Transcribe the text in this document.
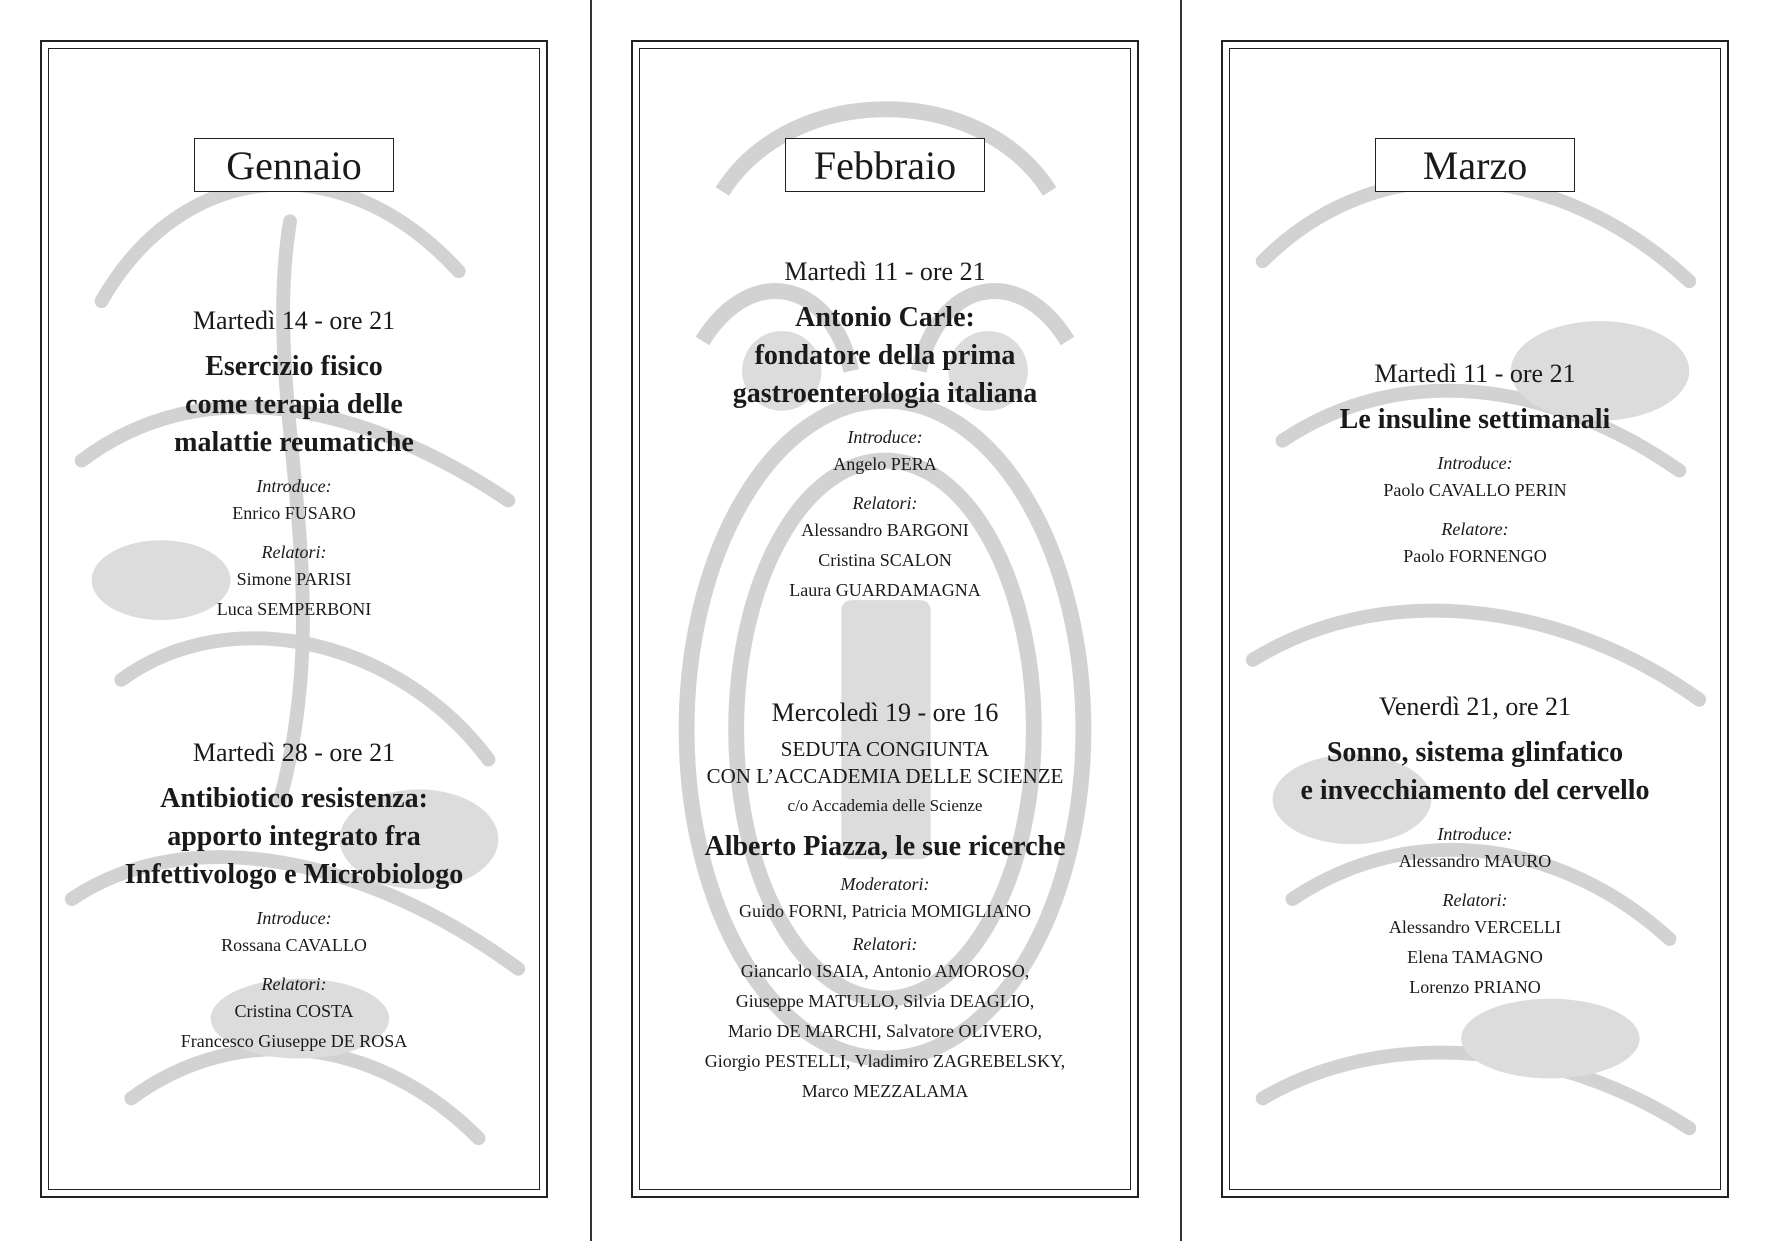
Gennaio
Martedì 14 - ore 21
Esercizio fisico
come terapia delle
malattie reumatiche
Introduce:
Enrico FUSARO
Relatori:
Simone PARISI
Luca SEMPERBONI
Martedì 28 - ore 21
Antibiotico resistenza:
apporto integrato fra
Infettivologo e Microbiologo
Introduce:
Rossana CAVALLO
Relatori:
Cristina COSTA
Francesco Giuseppe DE ROSA
Febbraio
Martedì 11 - ore 21
Antonio Carle:
fondatore della prima
gastroenterologia italiana
Introduce:
Angelo PERA
Relatori:
Alessandro BARGONI
Cristina SCALON
Laura GUARDAMAGNA
Mercoledì 19 - ore 16
SEDUTA CONGIUNTA
CON L’ACCADEMIA DELLE SCIENZE
c/o Accademia delle Scienze
Alberto Piazza, le sue ricerche
Moderatori:
Guido FORNI, Patricia MOMIGLIANO
Relatori:
Giancarlo ISAIA, Antonio AMOROSO,
Giuseppe MATULLO, Silvia DEAGLIO,
Mario DE MARCHI, Salvatore OLIVERO,
Giorgio PESTELLI, Vladimiro ZAGREBELSKY,
Marco MEZZALAMA
Marzo
Martedì 11 - ore 21
Le insuline settimanali
Introduce:
Paolo CAVALLO PERIN
Relatore:
Paolo FORNENGO
Venerdì 21, ore 21
Sonno, sistema glinfatico
e invecchiamento del cervello
Introduce:
Alessandro MAURO
Relatori:
Alessandro VERCELLI
Elena TAMAGNO
Lorenzo PRIANO
